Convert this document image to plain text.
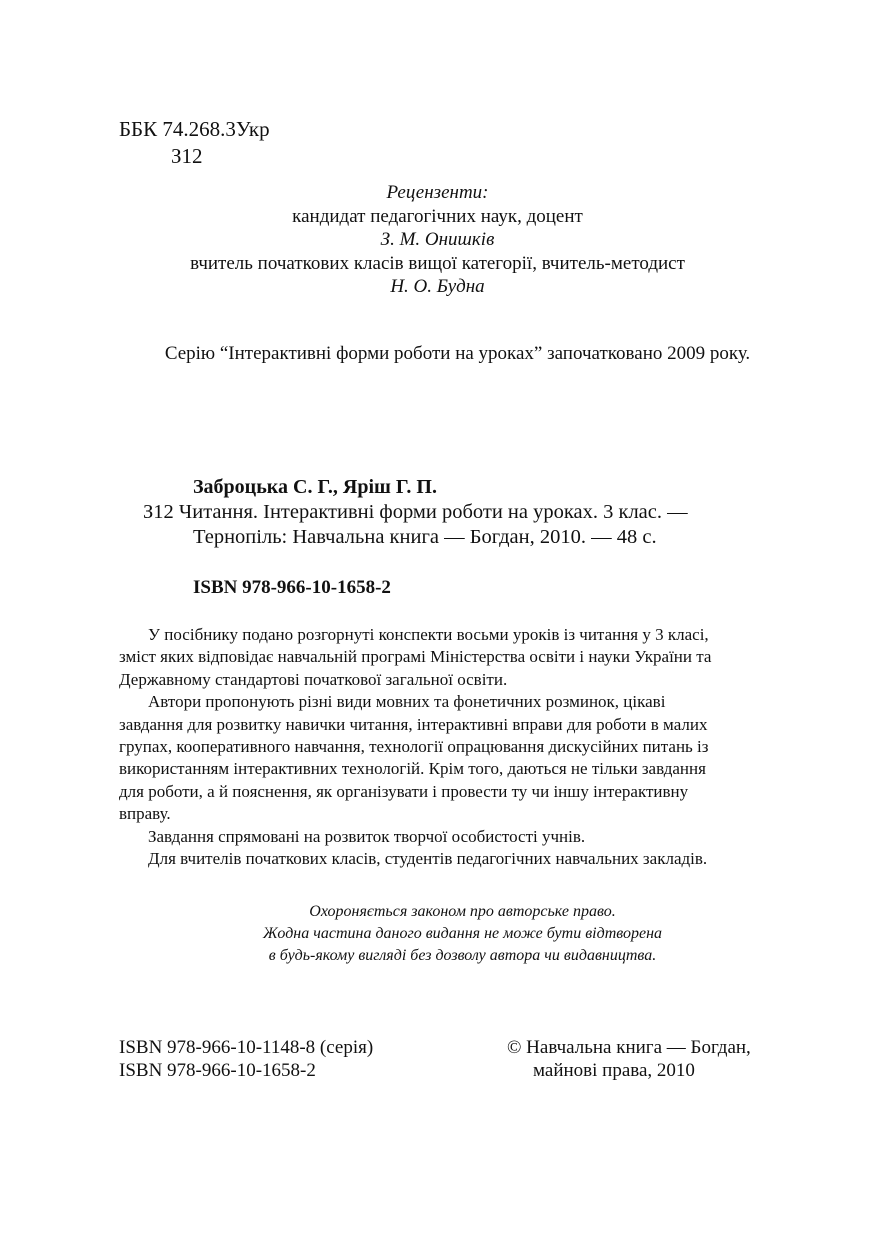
ББК 74.268.3Укр
З12
Рецензенти:
кандидат педагогічних наук, доцент
З. М. Онишків
вчитель початкових класів вищої категорії, вчитель-методист
Н. О. Будна
Серію “Інтерактивні форми роботи на уроках” започатковано 2009 року.
Заброцька С. Г., Яріш Г. П.
З12 Читання. Інтерактивні форми роботи на уроках. 3 клас. —
Тернопіль: Навчальна книга — Богдан, 2010. — 48 с.
ISBN 978-966-10-1658-2

У посібнику подано розгорнуті конспекти восьми уроків із читання у 3 класі,

зміст яких відповідає навчальній програмі Міністерства освіти і науки України та

Державному стандартові початкової загальної освіти.

Автори пропонують різні види мовних та фонетичних розминок, цікаві

завдання для розвитку навички читання, інтерактивні вправи для роботи в малих

групах, кооперативного навчання, технології опрацювання дискусійних питань із

використанням інтерактивних технологій. Крім того, даються не тільки завдання

для роботи, а й пояснення, як організувати і провести ту чи іншу інтерактивну

вправу.

Завдання спрямовані на розвиток творчої особистості учнів.

Для вчителів початкових класів, студентів педагогічних навчальних закладів.

Охороняється законом про авторське право.
Жодна частина даного видання не може бути відтворена
в будь-якому вигляді без дозволу автора чи видавництва.
ISBN 978-966-10-1148-8 (серія)
ISBN 978-966-10-1658-2
© Навчальна книга — Богдан,
майнові права, 2010
